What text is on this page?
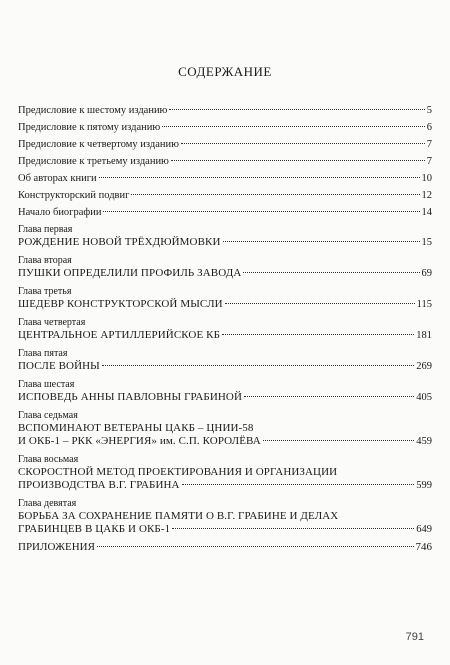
СОДЕРЖАНИЕ
Предисловие к шестому изданию	5
Предисловие к пятому изданию	6
Предисловие к четвертому изданию	7
Предисловие к третьему изданию	7
Об авторах книги	10
Конструкторский подвиг	12
Начало биографии	14
Глава первая
РОЖДЕНИЕ НОВОЙ ТРЁХДЮЙМОВКИ	15
Глава вторая
ПУШКИ ОПРЕДЕЛИЛИ ПРОФИЛЬ ЗАВОДА	69
Глава третья
ШЕДЕВР КОНСТРУКТОРСКОЙ МЫСЛИ	115
Глава четвертая
ЦЕНТРАЛЬНОЕ АРТИЛЛЕРИЙСКОЕ КБ	181
Глава пятая
ПОСЛЕ ВОЙНЫ	269
Глава шестая
ИСПОВЕДЬ АННЫ ПАВЛОВНЫ ГРАБИНОЙ	405
Глава седьмая
ВСПОМИНАЮТ ВЕТЕРАНЫ ЦАКБ – ЦНИИ-58
И ОКБ-1 – РКК «ЭНЕРГИЯ» им. С.П. КОРОЛЁВА	459
Глава восьмая
СКОРОСТНОЙ МЕТОД ПРОЕКТИРОВАНИЯ И ОРГАНИЗАЦИИ
ПРОИЗВОДСТВА В.Г. ГРАБИНА	599
Глава девятая
БОРЬБА ЗА СОХРАНЕНИЕ ПАМЯТИ О В.Г. ГРАБИНЕ И ДЕЛАХ
ГРАБИНЦЕВ В ЦАКБ И ОКБ-1	649
ПРИЛОЖЕНИЯ	746
791
